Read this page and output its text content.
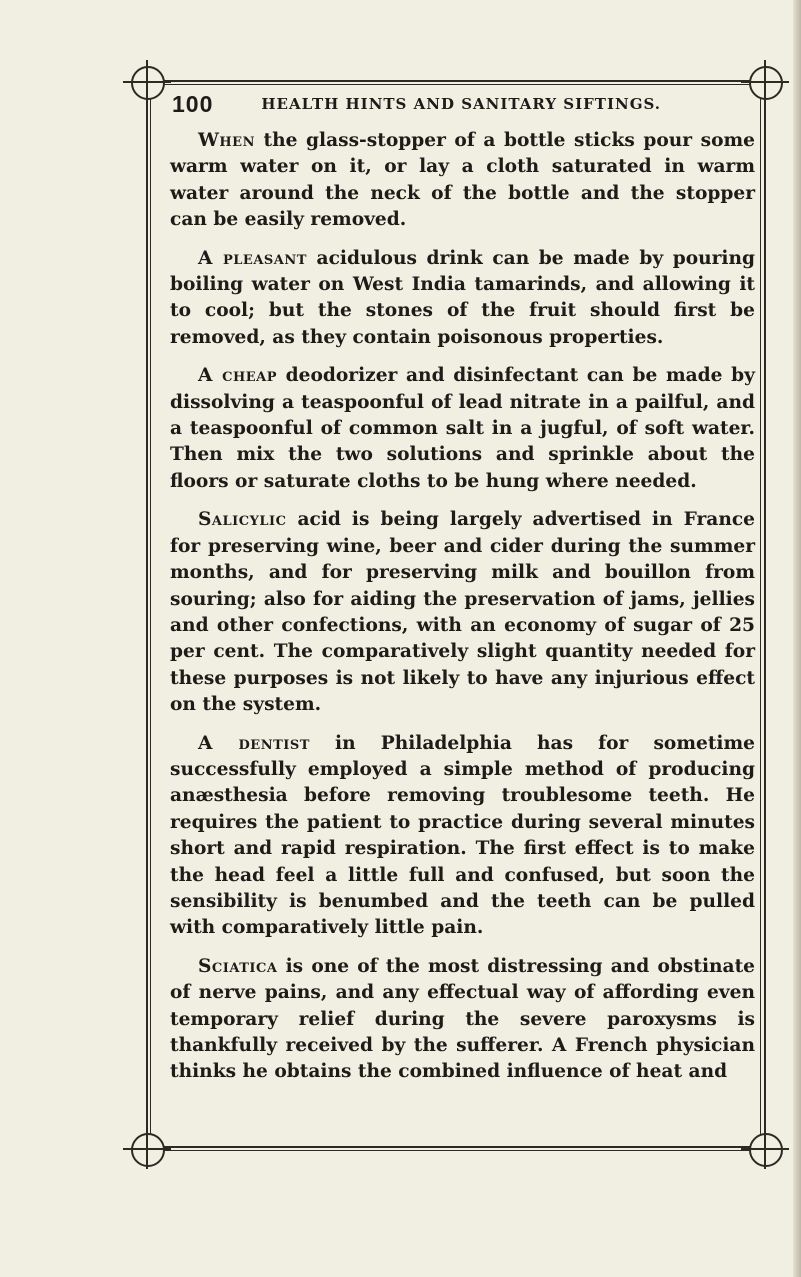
100	HEALTH HINTS AND SANITARY SIFTINGS.

When the glass-stopper of a bottle sticks pour some warm water on it, or lay a cloth saturated in warm water around the neck of the bottle and the stopper can be easily removed.

A pleasant acidulous drink can be made by pouring boiling water on West India tamarinds, and allowing it to cool; but the stones of the fruit should first be removed, as they contain poisonous properties.

A cheap deodorizer and disinfectant can be made by dissolving a teaspoonful of lead nitrate in a pailful, and a teaspoonful of common salt in a jugful, of soft water. Then mix the two solutions and sprinkle about the floors or saturate cloths to be hung where needed.

Salicylic acid is being largely advertised in France for preserving wine, beer and cider during the summer months, and for preserving milk and bouillon from souring; also for aiding the preservation of jams, jellies and other confections, with an economy of sugar of 25 per cent. The comparatively slight quantity needed for these purposes is not likely to have any injurious effect on the system.

A dentist in Philadelphia has for sometime successfully employed a simple method of producing anæsthesia before removing troublesome teeth. He requires the patient to practice during several minutes short and rapid respiration. The first effect is to make the head feel a little full and confused, but soon the sensibility is benumbed and the teeth can be pulled with comparatively little pain.

Sciatica is one of the most distressing and obstinate of nerve pains, and any effectual way of affording even temporary relief during the severe paroxysms is thankfully received by the sufferer. A French physician thinks he obtains the combined influence of heat and
